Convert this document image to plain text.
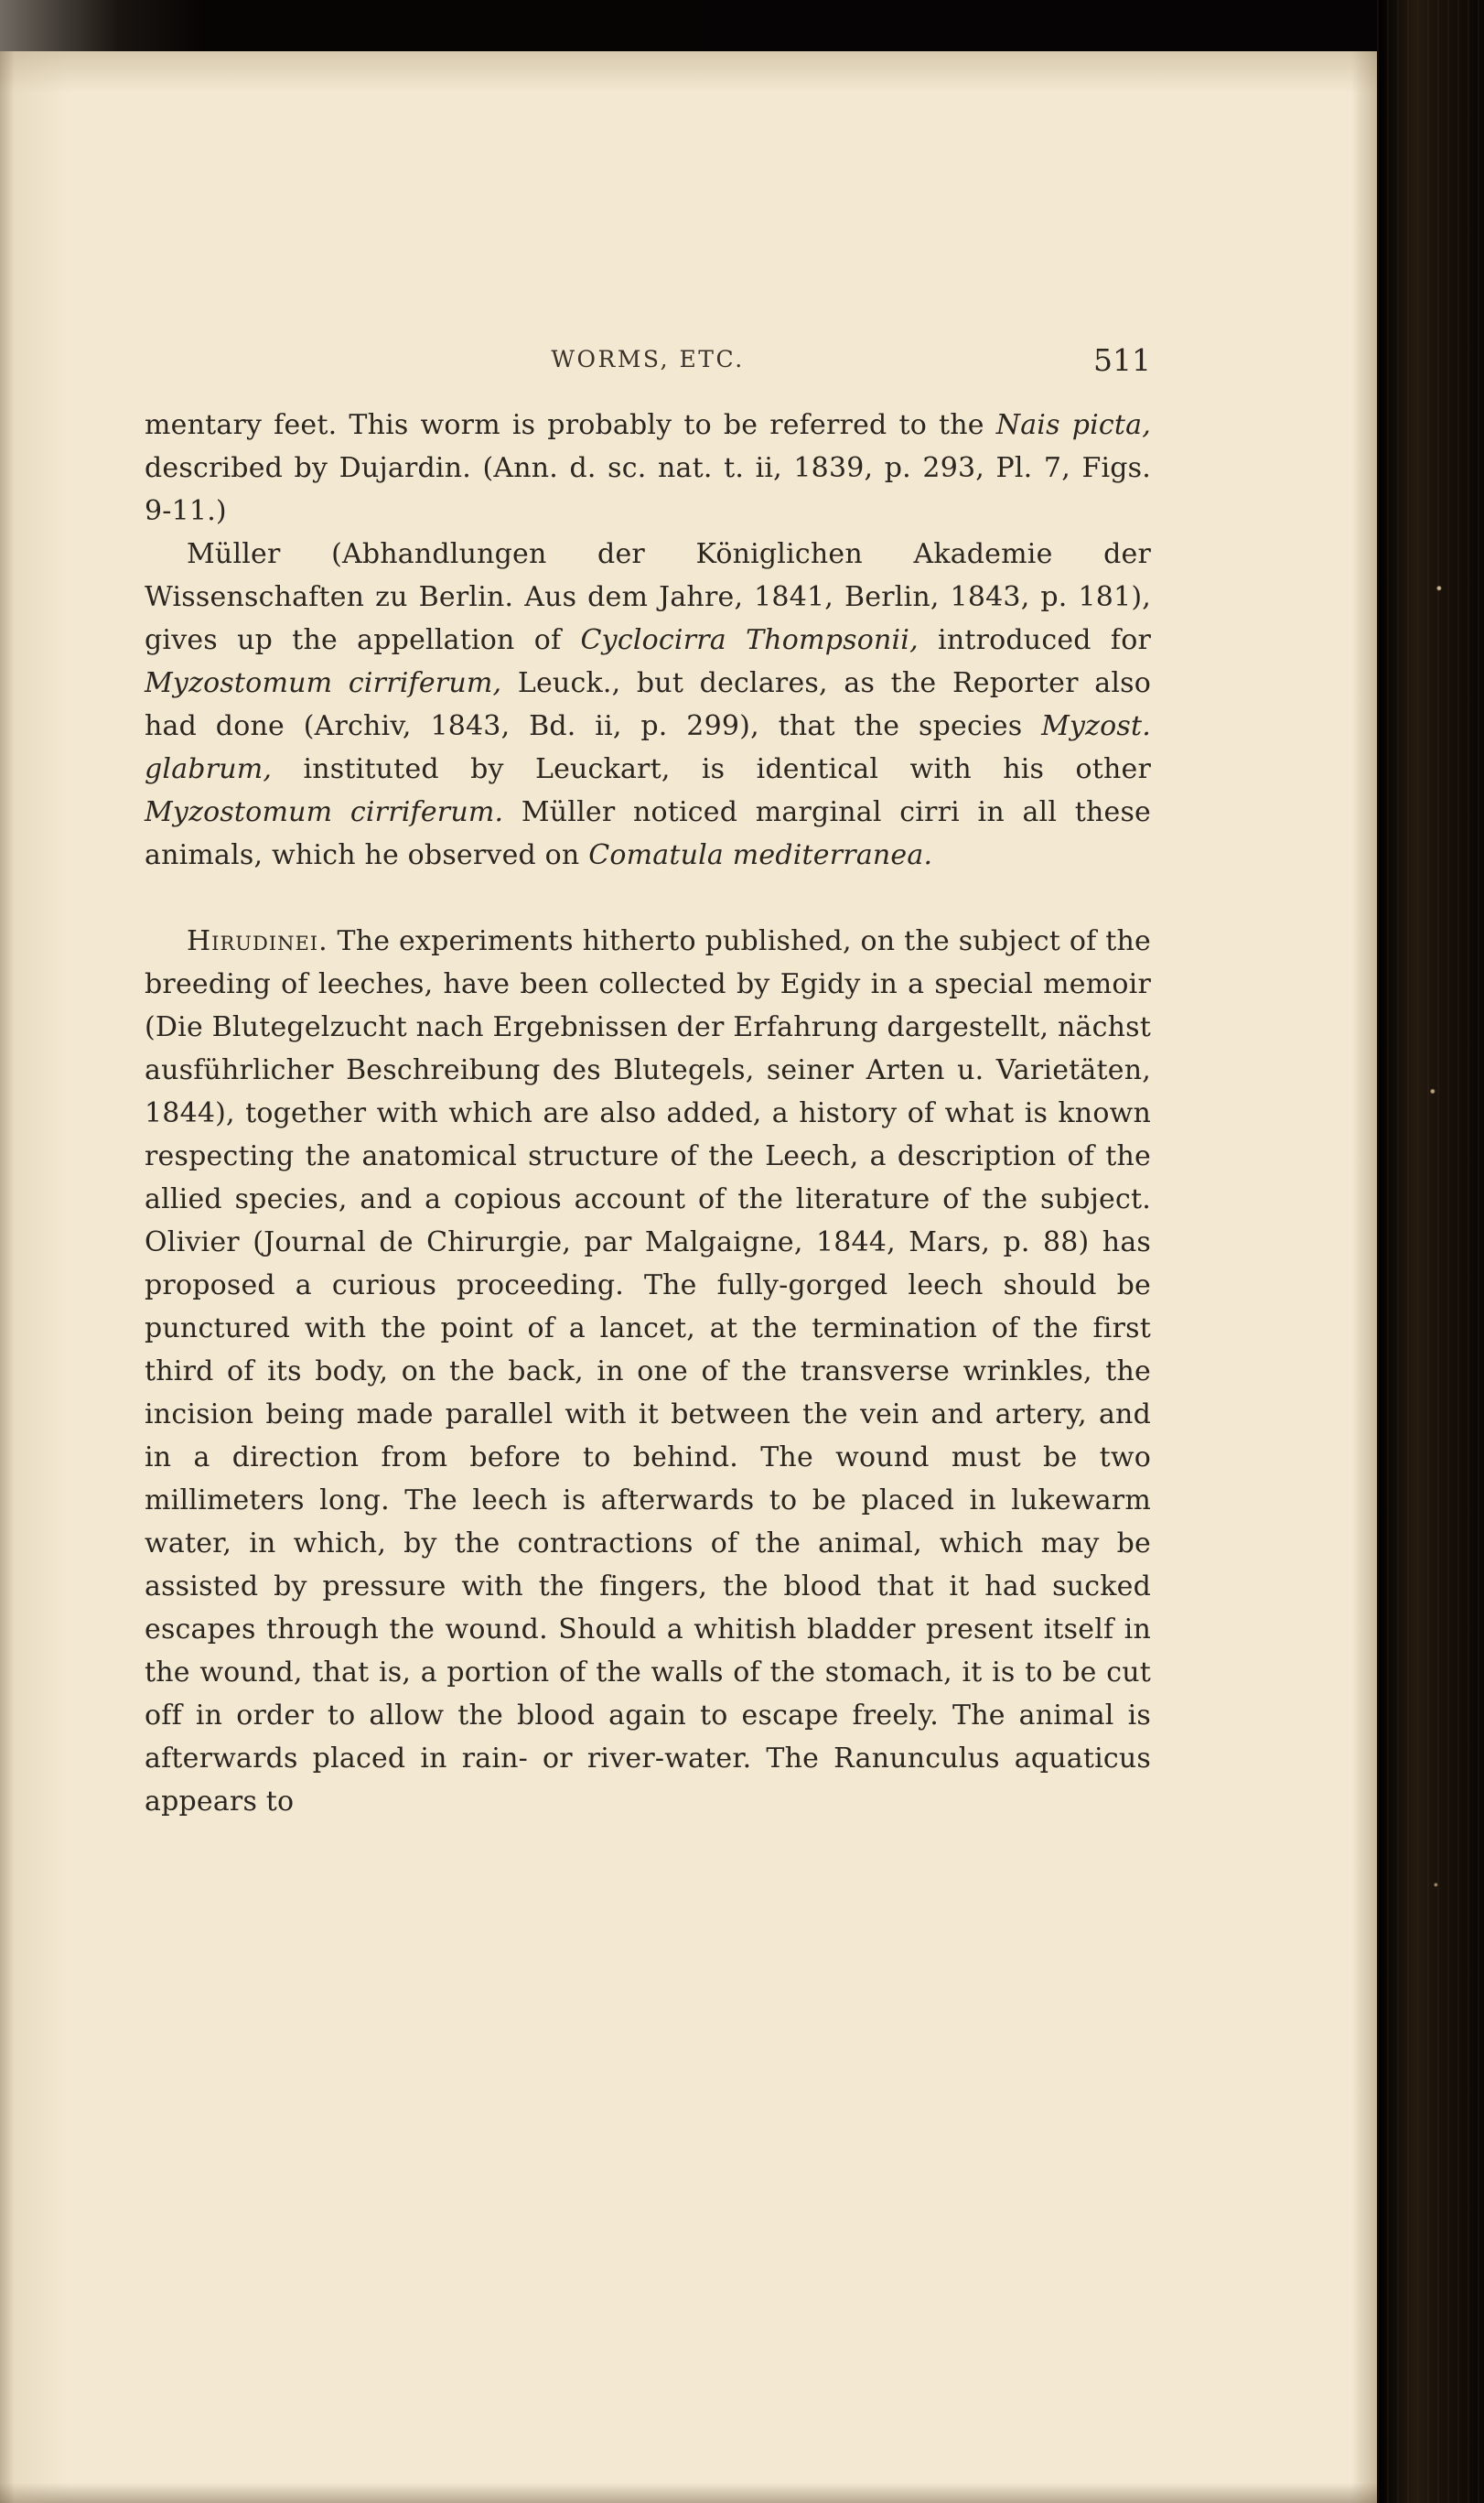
WORMS, ETC.	511

mentary feet. This worm is probably to be referred to the Nais picta, described by Dujardin. (Ann. d. sc. nat. t. ii, 1839, p. 293, Pl. 7, Figs. 9-11.)

Müller (Abhandlungen der Königlichen Akademie der Wissenschaften zu Berlin. Aus dem Jahre, 1841, Berlin, 1843, p. 181), gives up the appellation of Cyclocirra Thompsonii, introduced for Myzostomum cirriferum, Leuck., but declares, as the Reporter also had done (Archiv, 1843, Bd. ii, p. 299), that the species Myzost. glabrum, instituted by Leuckart, is identical with his other Myzostomum cirriferum. Müller noticed marginal cirri in all these animals, which he observed on Comatula mediterranea.

Hirudinei. The experiments hitherto published, on the subject of the breeding of leeches, have been collected by Egidy in a special memoir (Die Blutegelzucht nach Ergebnissen der Erfahrung dargestellt, nächst ausführlicher Beschreibung des Blutegels, seiner Arten u. Varietäten, 1844), together with which are also added, a history of what is known respecting the anatomical structure of the Leech, a description of the allied species, and a copious account of the literature of the subject. Olivier (Journal de Chirurgie, par Malgaigne, 1844, Mars, p. 88) has proposed a curious proceeding. The fully-gorged leech should be punctured with the point of a lancet, at the termination of the first third of its body, on the back, in one of the transverse wrinkles, the incision being made parallel with it between the vein and artery, and in a direction from before to behind. The wound must be two millimeters long. The leech is afterwards to be placed in lukewarm water, in which, by the contractions of the animal, which may be assisted by pressure with the fingers, the blood that it had sucked escapes through the wound. Should a whitish bladder present itself in the wound, that is, a portion of the walls of the stomach, it is to be cut off in order to allow the blood again to escape freely. The animal is afterwards placed in rain- or river-water. The Ranunculus aquaticus appears to
